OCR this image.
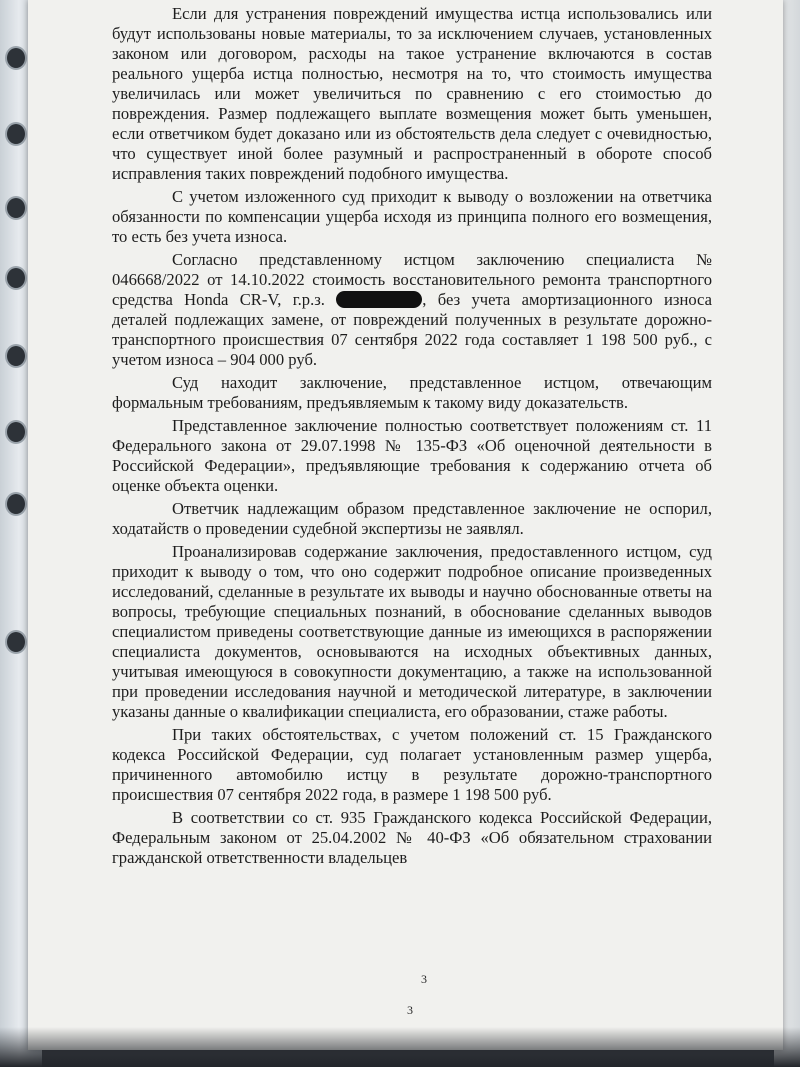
Если для устранения повреждений имущества истца использовались или будут использованы новые материалы, то за исключением случаев, установленных законом или договором, расходы на такое устранение включаются в состав реального ущерба истца полностью, несмотря на то, что стоимость имущества увеличилась или может увеличиться по сравнению с его стоимостью до повреждения. Размер подлежащего выплате возмещения может быть уменьшен, если ответчиком будет доказано или из обстоятельств дела следует с очевидностью, что существует иной более разумный и распространенный в обороте способ исправления таких повреждений подобного имущества.

С учетом изложенного суд приходит к выводу о возложении на ответчика обязанности по компенсации ущерба исходя из принципа полного его возмещения, то есть без учета износа.

Согласно представленному истцом заключению специалиста № 046668/2022 от 14.10.2022 стоимость восстановительного ремонта транспортного средства Honda CR-V, г.р.з.	, без учета амортизационного износа деталей подлежащих замене, от повреждений полученных в результате дорожно-транспортного происшествия 07 сентября 2022 года составляет 1 198 500 руб., с учетом износа – 904 000 руб.

Суд находит заключение, представленное истцом, отвечающим формальным требованиям, предъявляемым к такому виду доказательств.

Представленное заключение полностью соответствует положениям ст. 11 Федерального закона от 29.07.1998 № 135-ФЗ «Об оценочной деятельности в Российской Федерации», предъявляющие требования к содержанию отчета об оценке объекта оценки.

Ответчик надлежащим образом представленное заключение не оспорил, ходатайств о проведении судебной экспертизы не заявлял.

Проанализировав содержание заключения, предоставленного истцом, суд приходит к выводу о том, что оно содержит подробное описание произведенных исследований, сделанные в результате их выводы и научно обоснованные ответы на вопросы, требующие специальных познаний, в обоснование сделанных выводов специалистом приведены соответствующие данные из имеющихся в распоряжении специалиста документов, основываются на исходных объективных данных, учитывая имеющуюся в совокупности документацию, а также на использованной при проведении исследования научной и методической литературе, в заключении указаны данные о квалификации специалиста, его образовании, стаже работы.

При таких обстоятельствах, с учетом положений ст. 15 Гражданского кодекса Российской Федерации, суд полагает установленным размер ущерба, причиненного автомобилю истцу в результате дорожно-транспортного происшествия 07 сентября 2022 года, в размере 1 198 500 руб.

В соответствии со ст. 935 Гражданского кодекса Российской Федерации, Федеральным законом от 25.04.2002 № 40-ФЗ «Об обязательном страховании гражданской ответственности владельцев

3
3
